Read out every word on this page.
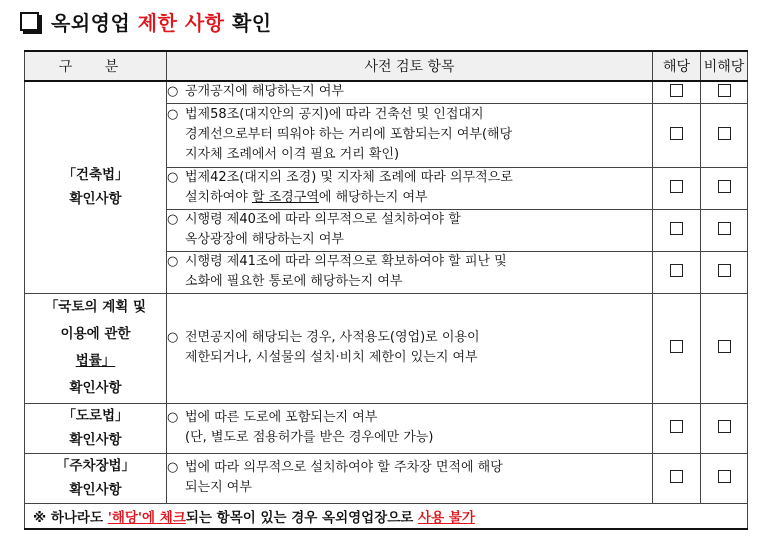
옥외영업 제한 사항 확인
구 분	사전 검토 항목	해당	비해당

「건축법」
확인사항	○ 공개공지에 해당하는지 여부		

	○ 법제58조(대지안의 공지)에 따라 건축선 및 인접대지
경계선으로부터 띄워야 하는 거리에 포함되는지 여부(해당
지자체 조례에서 이격 필요 거리 확인)		

	○ 법제42조(대지의 조경) 및 지자체 조례에 따라 의무적으로
설치하여야 할 조경구역에 해당하는지 여부		

	○ 시행령 제40조에 따라 의무적으로 설치하여야 할
옥상광장에 해당하는지 여부		

	○ 시행령 제41조에 따라 의무적으로 확보하여야 할 피난 및
소화에 필요한 통로에 해당하는지 여부		

「국토의 계획 및
이용에 관한
법률」
확인사항	○ 전면공지에 해당되는 경우, 사적용도(영업)로 이용이
제한되거나, 시설물의 설치·비치 제한이 있는지 여부		

「도로법」
확인사항	○ 법에 따른 도로에 포함되는지 여부
(단, 별도로 점용허가를 받은 경우에만 가능)		

「주차장법」
확인사항	○ 법에 따라 의무적으로 설치하여야 할 주차장 면적에 해당
되는지 여부		

※ 하나라도 '해당'에 체크되는 항목이 있는 경우 옥외영업장으로 사용 불가			
